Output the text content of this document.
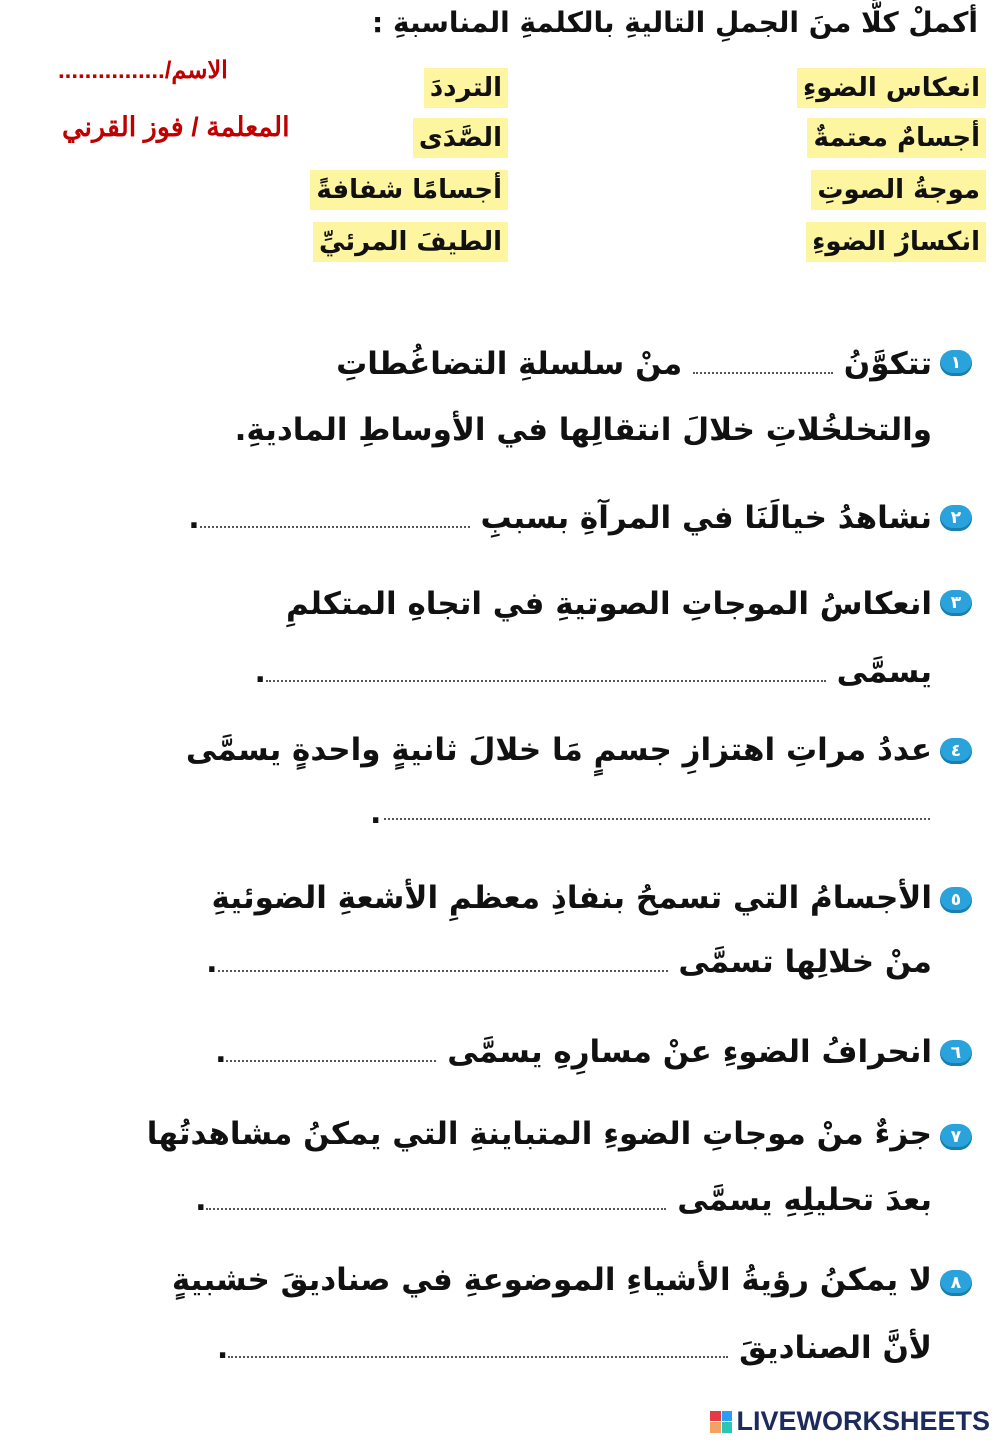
أكملْ كلًّا منَ الجملِ التاليةِ بالكلمةِ المناسبةِ :
انعكاس الضوءِ
أجسامٌ معتمةٌ
موجةُ الصوتِ
انكسارُ الضوءِ
الترددَ
الصَّدَى
أجسامًا شفافةً
الطيفَ المرئيِّ
الاسم/................
المعلمة / فوز القرني
١
تتكوَّنُ  منْ سلسلةِ التضاغُطاتِ
والتخلخُلاتِ خلالَ انتقالِها في الأوساطِ الماديةِ.
٢
نشاهدُ خيالَنَا في المرآةِ بسببِ .
٣
انعكاسُ الموجاتِ الصوتيةِ في اتجاهِ المتكلمِ
يسمَّى .
٤
عددُ مراتِ اهتزازِ جسمٍ مَا خلالَ ثانيةٍ واحدةٍ يسمَّى
.
٥
الأجسامُ التي تسمحُ بنفاذِ معظمِ الأشعةِ الضوئيةِ
منْ خلالِها تسمَّى .
٦
انحرافُ الضوءِ عنْ مسارِهِ يسمَّى .
٧
جزءٌ منْ موجاتِ الضوءِ المتباينةِ التي يمكنُ مشاهدتُها
بعدَ تحليلِهِ يسمَّى .
٨
لا يمكنُ رؤيةُ الأشياءِ الموضوعةِ في صناديقَ خشبيةٍ
لأنَّ الصناديقَ .
LIVEWORKSHEETS
